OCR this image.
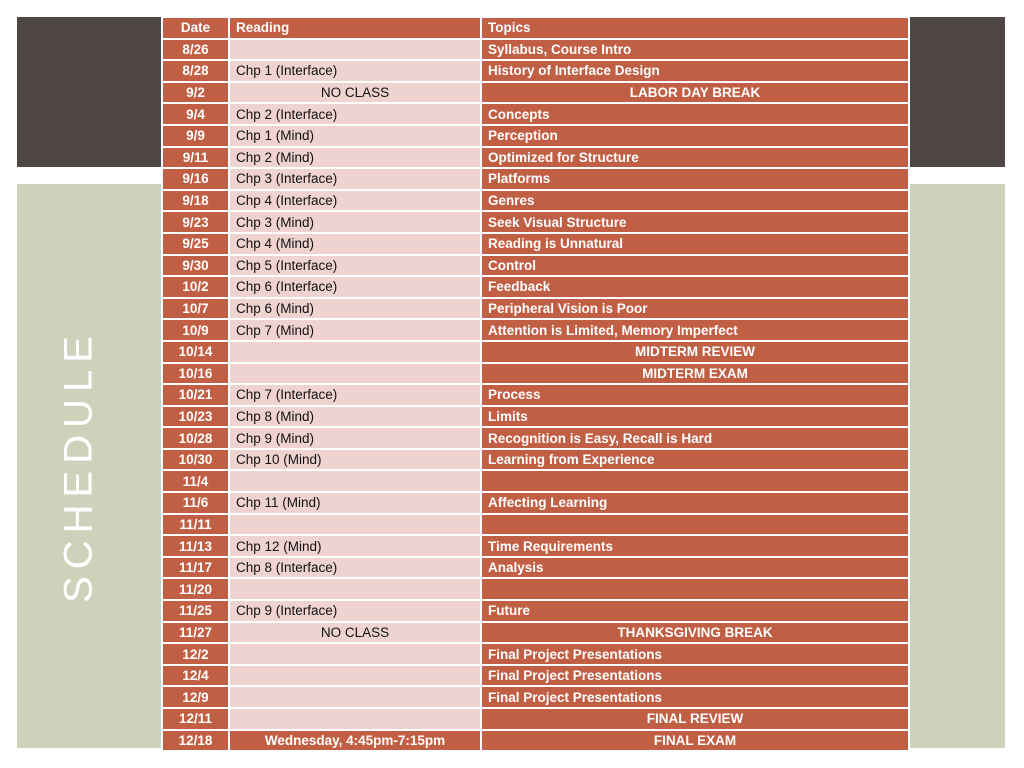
SCHEDULE
Date	Reading	Topics
8/26		Syllabus, Course Intro
8/28	Chp 1 (Interface)	History of Interface Design
9/2	NO CLASS	LABOR DAY BREAK
9/4	Chp 2 (Interface)	Concepts
9/9	Chp 1 (Mind)	Perception
9/11	Chp 2 (Mind)	Optimized for Structure
9/16	Chp 3 (Interface)	Platforms
9/18	Chp 4 (Interface)	Genres
9/23	Chp 3 (Mind)	Seek Visual Structure
9/25	Chp 4 (Mind)	Reading is Unnatural
9/30	Chp 5 (Interface)	Control
10/2	Chp 6 (Interface)	Feedback
10/7	Chp 6 (Mind)	Peripheral Vision is Poor
10/9	Chp 7 (Mind)	Attention is Limited, Memory Imperfect
10/14		MIDTERM REVIEW
10/16		MIDTERM EXAM
10/21	Chp 7 (Interface)	Process
10/23	Chp 8 (Mind)	Limits
10/28	Chp 9 (Mind)	Recognition is Easy, Recall is Hard
10/30	Chp 10 (Mind)	Learning from Experience
11/4		
11/6	Chp 11 (Mind)	Affecting Learning
11/11		
11/13	Chp 12 (Mind)	Time Requirements
11/17	Chp 8 (Interface)	Analysis
11/20		
11/25	Chp 9 (Interface)	Future
11/27	NO CLASS	THANKSGIVING BREAK
12/2		Final Project Presentations
12/4		Final Project Presentations
12/9		Final Project Presentations
12/11		FINAL REVIEW
12/18	Wednesday, 4:45pm-7:15pm	FINAL EXAM
